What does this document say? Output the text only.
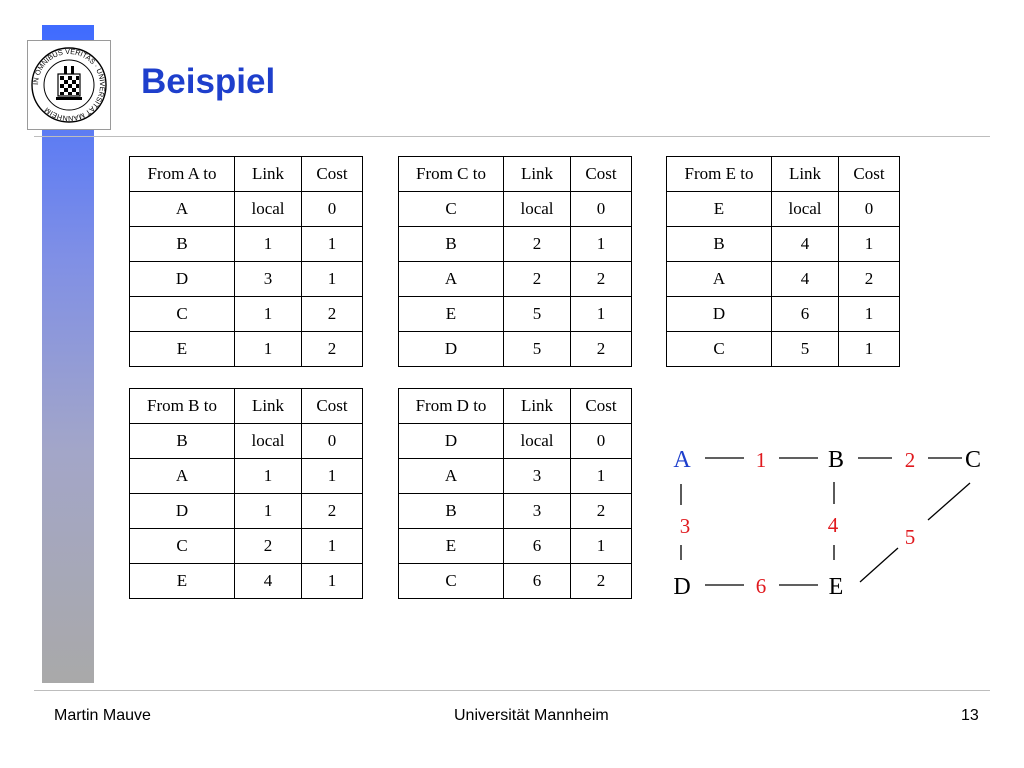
IN OMNIBUS VERITAS · UNIVERSITÄT MANNHEIM
Beispiel
From A to	Link	Cost
A	local	0
B	1	1
D	3	1
C	1	2
E	1	2
From C to	Link	Cost
C	local	0
B	2	1
A	2	2
E	5	1
D	5	2
From E to	Link	Cost
E	local	0
B	4	1
A	4	2
D	6	1
C	5	1
From B to	Link	Cost
B	local	0
A	1	1
D	1	2
C	2	1
E	4	1
From D to	Link	Cost
D	local	0
A	3	1
B	3	2
E	6	1
C	6	2
A	B	C
D	E
1	2
3	4	5
6
Martin Mauve	Universität Mannheim	13
